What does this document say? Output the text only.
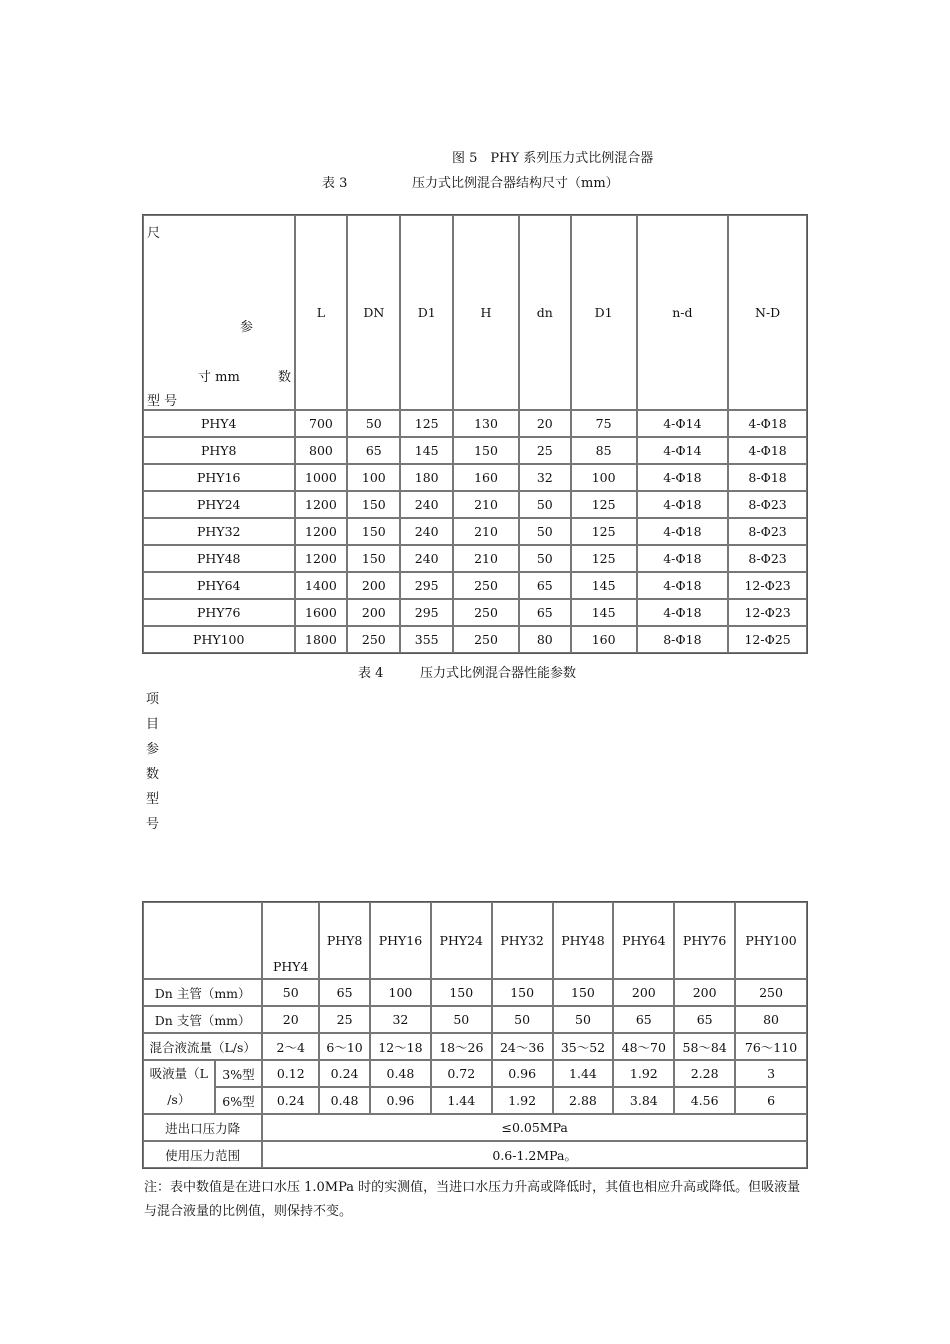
图 5　PHY 系列压力式比例混合器
表 3	压力式比例混合器结构尺寸（mm）
尺
参
寸 mm 数
型 号	L	DN	D1	H	dn	D1	n-d	N-D
PHY4	700	50	125	130	20	75	4-Φ14	4-Φ18
PHY8	800	65	145	150	25	85	4-Φ14	4-Φ18
PHY16	1000	100	180	160	32	100	4-Φ18	8-Φ18
PHY24	1200	150	240	210	50	125	4-Φ18	8-Φ23
PHY32	1200	150	240	210	50	125	4-Φ18	8-Φ23
PHY48	1200	150	240	210	50	125	4-Φ18	8-Φ23
PHY64	1400	200	295	250	65	145	4-Φ18	12-Φ23
PHY76	1600	200	295	250	65	145	4-Φ18	12-Φ23
PHY100	1800	250	355	250	80	160	8-Φ18	12-Φ25
表 4	压力式比例混合器性能参数
项
目
参
数
型
号
		PHY4	PHY8	PHY16	PHY24	PHY32	PHY48	PHY64	PHY76	PHY100
Dn 主管（mm）		50	65	100	150	150	150	200	200	250
Dn 支管（mm）		20	25	32	50	50	50	65	65	80
混合液流量（L/s）		2～4	6～10	12～18	18～26	24～36	35～52	48～70	58～84	76～110
吸液量（L
/s）	3%型	0.12	0.24	0.48	0.72	0.96	1.44	1.92	2.28	3
	6%型	0.24	0.48	0.96	1.44	1.92	2.88	3.84	4.56	6
进出口压力降		≤0.05MPa								
使用压力范围		0.6-1.2MPa。								
注：表中数值是在进口水压 1.0MPa 时的实测值，当进口水压力升高或降低时，其值也相应升高或降低。但吸液量与混合液量的比例值，则保持不变。
